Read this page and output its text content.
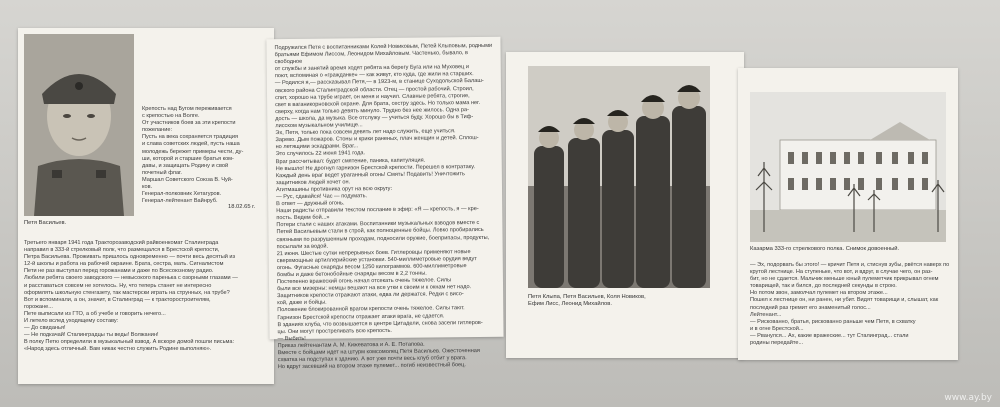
Крепость над Бугом переживается
с крепостью на Волге.
От участников боев за эти крепости
пожелание:
Пусть на века сохраняется традиция
и слава советских людей, пусть наша
молодежь бережет примеры чести, ду-
ши, которой и старшие братья ком-
давы, и защищать Родину и свой
почетный флаг.
Маршал Советского Союза В. Чуй-
ков.
Генерал-полковник Хетагуров.
Генерал-лейтенант Вайнруб.
18.02.65 г.
Петя Васильев.
Третьего января 1941 года Тракторозаводский райвоенкомат Сталинграда
направил в 333-й стрелковый полк, что размещался в Брестской крепости,
Петра Васильева. Проживать пришлось одновременно — почти весь десятый из
12-й школы и работа на рабочей окраине. Брата, сестра, мать. Сигналистом
Пети не раз выступал перед горожанами и даже по Всесоюзному радио.
Любили ребята своего заводского — невысокого паренька с озорными глазами —
и расставаться совсем не хотелось. Ну, что теперь станет не интересно
оформлять школьную стенгазету, так мастерски играть на струнных, на трубе?
Вот и вспоминали, а он, значит, в Сталинград — к тракторостроителям,
горожане...
Пете выписали из ГТО, а об учебе и говорить нечего...
И летело вслед уходящему составу:
— До свиданья!
— Не подкачай! Сталинградцы ты веды! Волжанин!
В полку Петю определили в музыкальный взвод. А вскоре домой пошли письма:
«Народ здесь отличный. Вам никак честно служить Родине выполняю».
Подружился Петя с воспитанниками Колей Новиковым, Петей Клыповым, родными
братьями Ефимом Лиссом, Леонидом Михайловым. Частенько, бывало, в свободное
от службы и занятий время ходят ребята на берегу Буга или на Муховец и
поют, вспоминая о «гражданке» — как живут, кто куда, где жили на старших.
— Родился я,— рассказывал Петя,— в 1923-м, в станице Суходольской Балаш-
овского района Сталинградской области. Отец — простой рабочий. Строил,
спит, хорошо на трубе играет, он меня и научил. Славные ребята, строгие,
свет в ваганикорновской охране. Для брата, сестру здесь. Но только мама нег.
сверху, когда нам только девять минуло. Трудно без нее жилось. Одна ра-
дость — школа, да музыка. Все отслужу — учиться буду. Хорошо бы в Тиф-
лисском музыкальном училище...
Эх, Петя, только пока совсем девять лет надо служить, еще учиться.
Зарево. Дым пожаров. Стоны и крики раненых, плач женщин и детей. Сплош-
но летящими эскадрами. Враг...
Это случилось 22 июня 1941 года.
Враг рассчитывал: будет смятение, паника, капитуляция.
Не вышло! Не дрогнул гарнизон Брестской крепости. Перешел в контратаку.
Каждый день враг ведет ураганный огонь! Смять! Подавить! Уничтожить
защитников людей хочет он.
Агитмашины противника орут на всю округу:
— Рус, сдавайся! Час — подумать.
В ответ — дружный огонь.
Наши радисты отправили текстом послание в эфир: «Я — крепость, я — кре-
пость. Ведем бой...»
Потери стали с наших атаками. Воспитанники музыкальных взводов вместе с
Петей Васильевым стали в строй, как полноценные бойцы. Ловко пробирались
связными по разрушенным проходам, подносили оружие, боеприпасы, продукты,
посылали за водой.
21 июня. Шестые сутки непрерывных боев. Гитлеровцы применяют новые
сверхмощные артиллерийские установки. 540-миллиметровые орудия ведут
огонь. Фугасные снаряды весом 1250 килограммов. 600-миллиметровые
бомбы и даже бетонобойные снаряды весом в 2,2 тонны.
Постепенно вражеский огонь начал отсекать очень тяжелое. Силы
были все мизерны: немцы вешают на все утки к своим и к окнам нет надо.
Защитников крепости отражают атаки, едва ли держатся. Редки с висо-
кой, даже и бойцы.
Положение блокированной врагом крепости очень тяжелое. Силы тают.
Гарнизон Брестской крепости отражает атаки врага, не сдается.
В зданиях клуба, что возвышается в центре Цитадели, снова засели гитлеров-
цы. Они могут простреливать всю крепость.
— Выбить!
Приказ лейтенантам А. М. Кижеватова и А. Е. Потапова.
Вместе с бойцами идет на штурм комсомолец Петя Васильев. Ожесточенная
схватка на подступах к зданию. А вот уже почти весь клуб отбит у врага.
Но вдруг засевший на втором этаже пулемет... погиб неизвестный боец.
Петя Клыпа, Петя Васильев, Коля Новиков,
Ефим Лисс, Леонид Михайлов.
Казарма 333-го стрелкового полка. Снимок довоенный.
— Эх, подорвать бы этого! — кричит Петя и, стиснув зубы, рвётся наверх по
крутой лестнице. На ступеньке, что вот, и вдруг, в случае чего, он раз-
бит, но не сдается. Мальчик меньше юный пулеметчик прикрывал огнем
товарищей, так и бился, до последней секунды в строю.
Но потом звон, замолчал пулемет на втором этаже...
Пошел к лестнице он, ни ранен, ни убит. Видят товарищи и, слышат, как
последний раз гремит его знаменитый голос...
Лейтенант...
— Рискованно, братья, рискованно раньше чем Петя, в схватку
и в огне Брестской...
— Рванулся... Ах, какие вражеские... тут Сталинград... стали
родины передайте...
www.ay.by
